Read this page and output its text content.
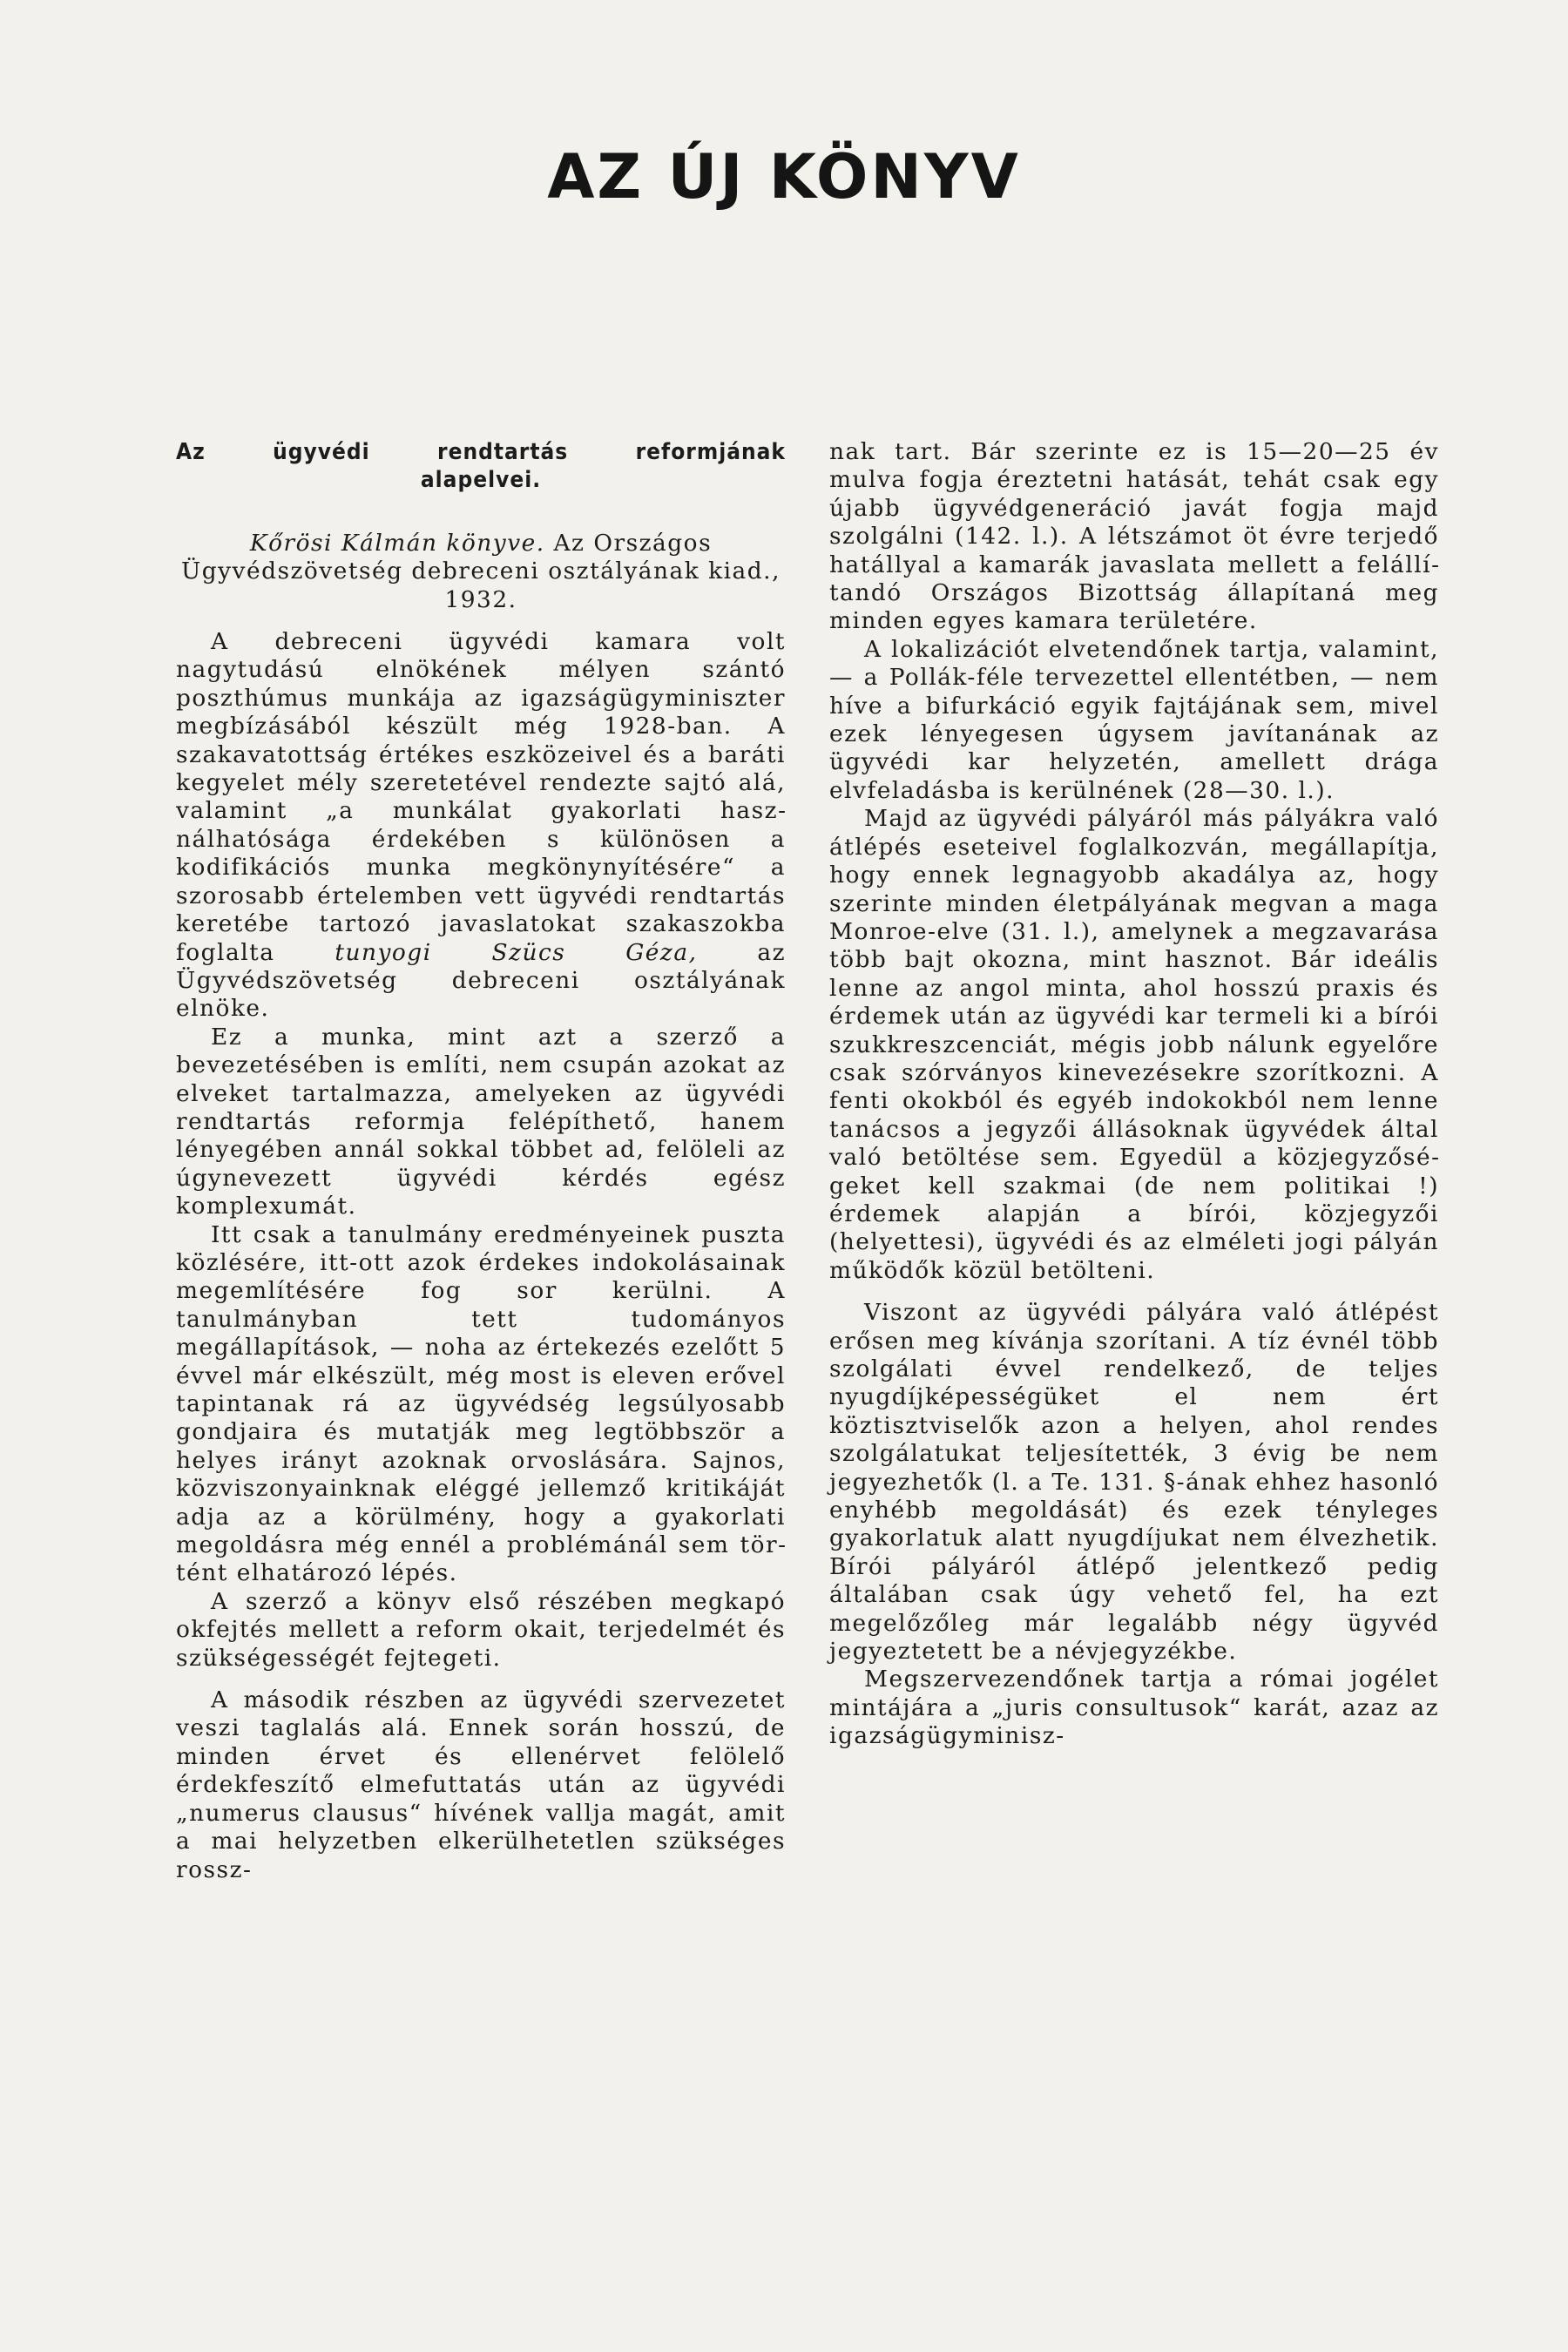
AZ ÚJ KÖNYV
Az	ügyvédi	rendtartás	reformjának

alapelvei.

Kőrösi Kálmán könyve. Az Országos Ügyvédszövetség debreceni osztályának kiad., 1932.

A debreceni ügyvédi kamara volt nagytudású elnökének mélyen szántó poszthúmus munkája az igazságügyminiszter megbízásából készült még 1928-ban. A szakavatottság értékes eszközeivel és a baráti kegyelet mély szeretetével rendezte sajtó alá, valamint „a munkálat gyakorlati használhatósága érdekében s különösen a kodifikációs munka megkönynyítésére“ a szorosabb értelemben vett ügyvédi rendtartás keretébe tartozó javaslatokat szakaszokba foglalta tunyogi Szücs Géza, az Ügyvédszövetség debreceni osztályának elnöke.

Ez a munka, mint azt a szerző a bevezetésében is említi, nem csupán azokat az elveket tartalmazza, amelyeken az ügyvédi rendtartás reformja felépíthető, hanem lényegében annál sokkal többet ad, felöleli az úgynevezett ügyvédi kérdés egész komplexumát.

Itt csak a tanulmány eredményeinek puszta közlésére, itt-ott azok érdekes indokolásainak megemlítésére fog sor kerülni. A tanulmányban tett tudományos megállapítások, — noha az értekezés ezelőtt 5 évvel már elkészült, még most is eleven erővel tapintanak rá az ügyvédség legsúlyosabb gondjaira és mutatják meg legtöbbször a helyes irányt azoknak orvoslására. Sajnos, közviszonyainknak eléggé jellemző kritikáját adja az a körülmény, hogy a gyakorlati megoldásra még ennél a problémánál sem történt elhatározó lépés.

A szerző a könyv első részében megkapó okfejtés mellett a reform okait, terjedelmét és szükségességét fejtegeti.

A második részben az ügyvédi szervezetet veszi taglalás alá. Ennek során hosszú, de minden érvet és ellenérvet felölelő érdekfeszítő elmefuttatás után az ügyvédi „numerus clausus“ hívének vallja magát, amit a mai helyzetben elkerülhetetlen szükséges rossz-

nak tart. Bár szerinte ez is 15—20—25 év mulva fogja éreztetni hatását, tehát csak egy újabb ügyvédgeneráció javát fogja majd szolgálni (142. l.). A létszámot öt évre terjedő hatállyal a kamarák javaslata mellett a felállítandó Országos Bizottság állapítaná meg minden egyes kamara területére.

A lokalizációt elvetendőnek tartja, valamint, — a Pollák-féle tervezettel ellentétben, — nem híve a bifurkáció egyik fajtájának sem, mivel ezek lényegesen úgysem javítanának az ügyvédi kar helyzetén, amellett drága elvfeladásba is kerülnének (28—30. l.).

Majd az ügyvédi pályáról más pályákra való átlépés eseteivel foglalkozván, megállapítja, hogy ennek legnagyobb akadálya az, hogy szerinte minden életpályának megvan a maga Monroe-elve (31. l.), amelynek a megzavarása több bajt okozna, mint hasznot. Bár ideális lenne az angol minta, ahol hosszú praxis és érdemek után az ügyvédi kar termeli ki a bírói szukkreszcenciát, mégis jobb nálunk egyelőre csak szórványos kinevezésekre szorítkozni. A fenti okokból és egyéb indokokból nem lenne tanácsos a jegyzői állásoknak ügyvédek által való betöltése sem. Egyedül a közjegyzőségeket kell szakmai (de nem politikai !) érdemek alapján a bírói, közjegyzői (helyettesi), ügyvédi és az elméleti jogi pályán működők közül betölteni.

Viszont az ügyvédi pályára való átlépést erősen meg kívánja szorítani. A tíz évnél több szolgálati évvel rendelkező, de teljes nyugdíjképességüket el nem ért köztisztviselők azon a helyen, ahol rendes szolgálatukat teljesítették, 3 évig be nem jegyezhetők (l. a Te. 131. §-ának ehhez hasonló enyhébb megoldását) és ezek tényleges gyakorlatuk alatt nyugdíjukat nem élvezhetik. Bírói pályáról átlépő jelentkező pedig általában csak úgy vehető fel, ha ezt megelőzőleg már legalább négy ügyvéd jegyeztetett be a névjegyzékbe.

Megszervezendőnek tartja a római jogélet mintájára a „juris consultusok“ karát, azaz az igazságügyminisz-
